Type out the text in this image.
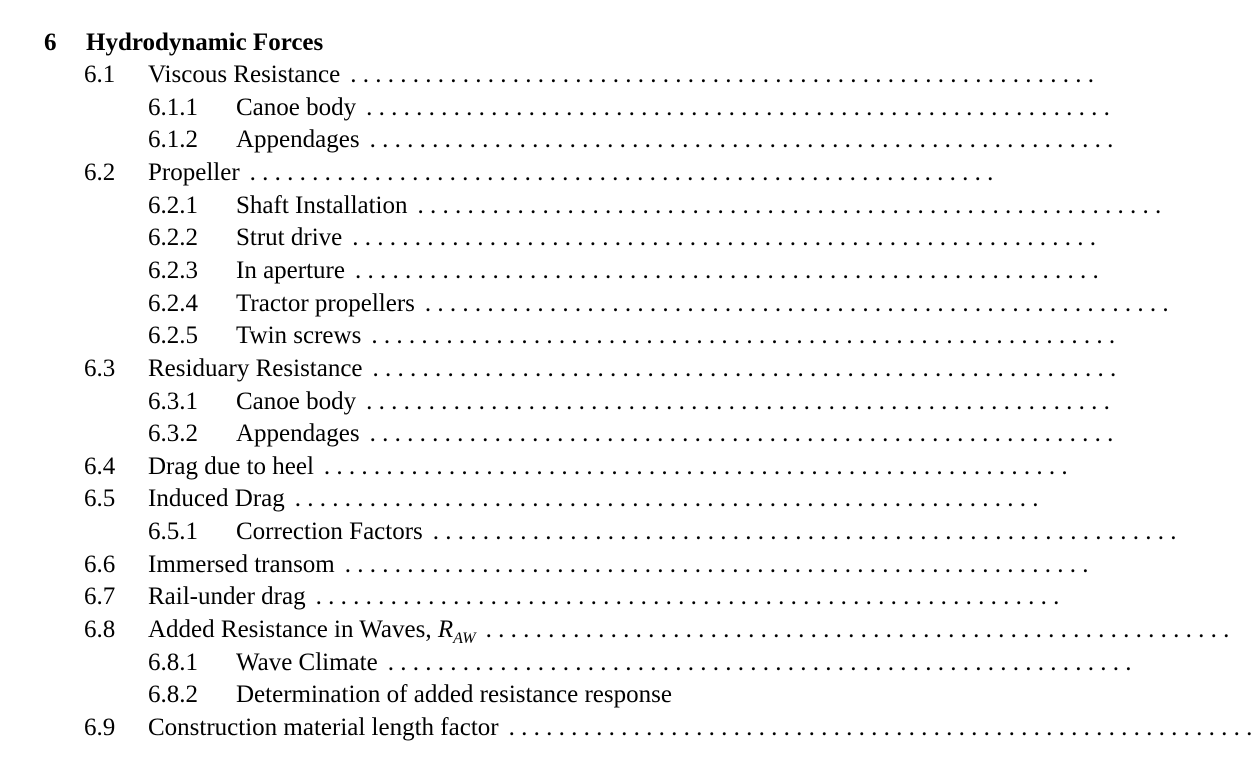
6 Hydrodynamic Forces
6.1 Viscous Resistance. . . . . . . . . . . . . . . . . . . . . . . . . . . . . . . . . . . . . . . . . . . . . . . . . . . . . . . . . . . .
6.1.1 Canoe body. . . . . . . . . . . . . . . . . . . . . . . . . . . . . . . . . . . . . . . . . . . . . . . . . . . . . . . . . . . .
6.1.2 Appendages. . . . . . . . . . . . . . . . . . . . . . . . . . . . . . . . . . . . . . . . . . . . . . . . . . . . . . . . . . . .
6.2 Propeller. . . . . . . . . . . . . . . . . . . . . . . . . . . . . . . . . . . . . . . . . . . . . . . . . . . . . . . . . . . .
6.2.1 Shaft Installation. . . . . . . . . . . . . . . . . . . . . . . . . . . . . . . . . . . . . . . . . . . . . . . . . . . . . . . . . . . .
6.2.2 Strut drive. . . . . . . . . . . . . . . . . . . . . . . . . . . . . . . . . . . . . . . . . . . . . . . . . . . . . . . . . . . .
6.2.3 In aperture. . . . . . . . . . . . . . . . . . . . . . . . . . . . . . . . . . . . . . . . . . . . . . . . . . . . . . . . . . . .
6.2.4 Tractor propellers. . . . . . . . . . . . . . . . . . . . . . . . . . . . . . . . . . . . . . . . . . . . . . . . . . . . . . . . . . . .
6.2.5 Twin screws. . . . . . . . . . . . . . . . . . . . . . . . . . . . . . . . . . . . . . . . . . . . . . . . . . . . . . . . . . . .
6.3 Residuary Resistance. . . . . . . . . . . . . . . . . . . . . . . . . . . . . . . . . . . . . . . . . . . . . . . . . . . . . . . . . . . .
6.3.1 Canoe body. . . . . . . . . . . . . . . . . . . . . . . . . . . . . . . . . . . . . . . . . . . . . . . . . . . . . . . . . . . .
6.3.2 Appendages. . . . . . . . . . . . . . . . . . . . . . . . . . . . . . . . . . . . . . . . . . . . . . . . . . . . . . . . . . . .
6.4 Drag due to heel. . . . . . . . . . . . . . . . . . . . . . . . . . . . . . . . . . . . . . . . . . . . . . . . . . . . . . . . . . . .
6.5 Induced Drag. . . . . . . . . . . . . . . . . . . . . . . . . . . . . . . . . . . . . . . . . . . . . . . . . . . . . . . . . . . .
6.5.1 Correction Factors. . . . . . . . . . . . . . . . . . . . . . . . . . . . . . . . . . . . . . . . . . . . . . . . . . . . . . . . . . . .
6.6 Immersed transom. . . . . . . . . . . . . . . . . . . . . . . . . . . . . . . . . . . . . . . . . . . . . . . . . . . . . . . . . . . .
6.7 Rail-under drag. . . . . . . . . . . . . . . . . . . . . . . . . . . . . . . . . . . . . . . . . . . . . . . . . . . . . . . . . . . .
6.8 Added Resistance in Waves, $R_{AW}$. . . . . . . . . . . . . . . . . . . . . . . . . . . . . . . . . . . . . . . . . . . . . . . . . . . . . . . . . . . .
6.8.1 Wave Climate. . . . . . . . . . . . . . . . . . . . . . . . . . . . . . . . . . . . . . . . . . . . . . . . . . . . . . . . . . . .
6.8.2 Determination of added resistance response
6.9 Construction material length factor. . . . . . . . . . . . . . . . . . . . . . . . . . . . . . . . . . . . . . . . . . . . . . . . . . . . . . . . . . . .
